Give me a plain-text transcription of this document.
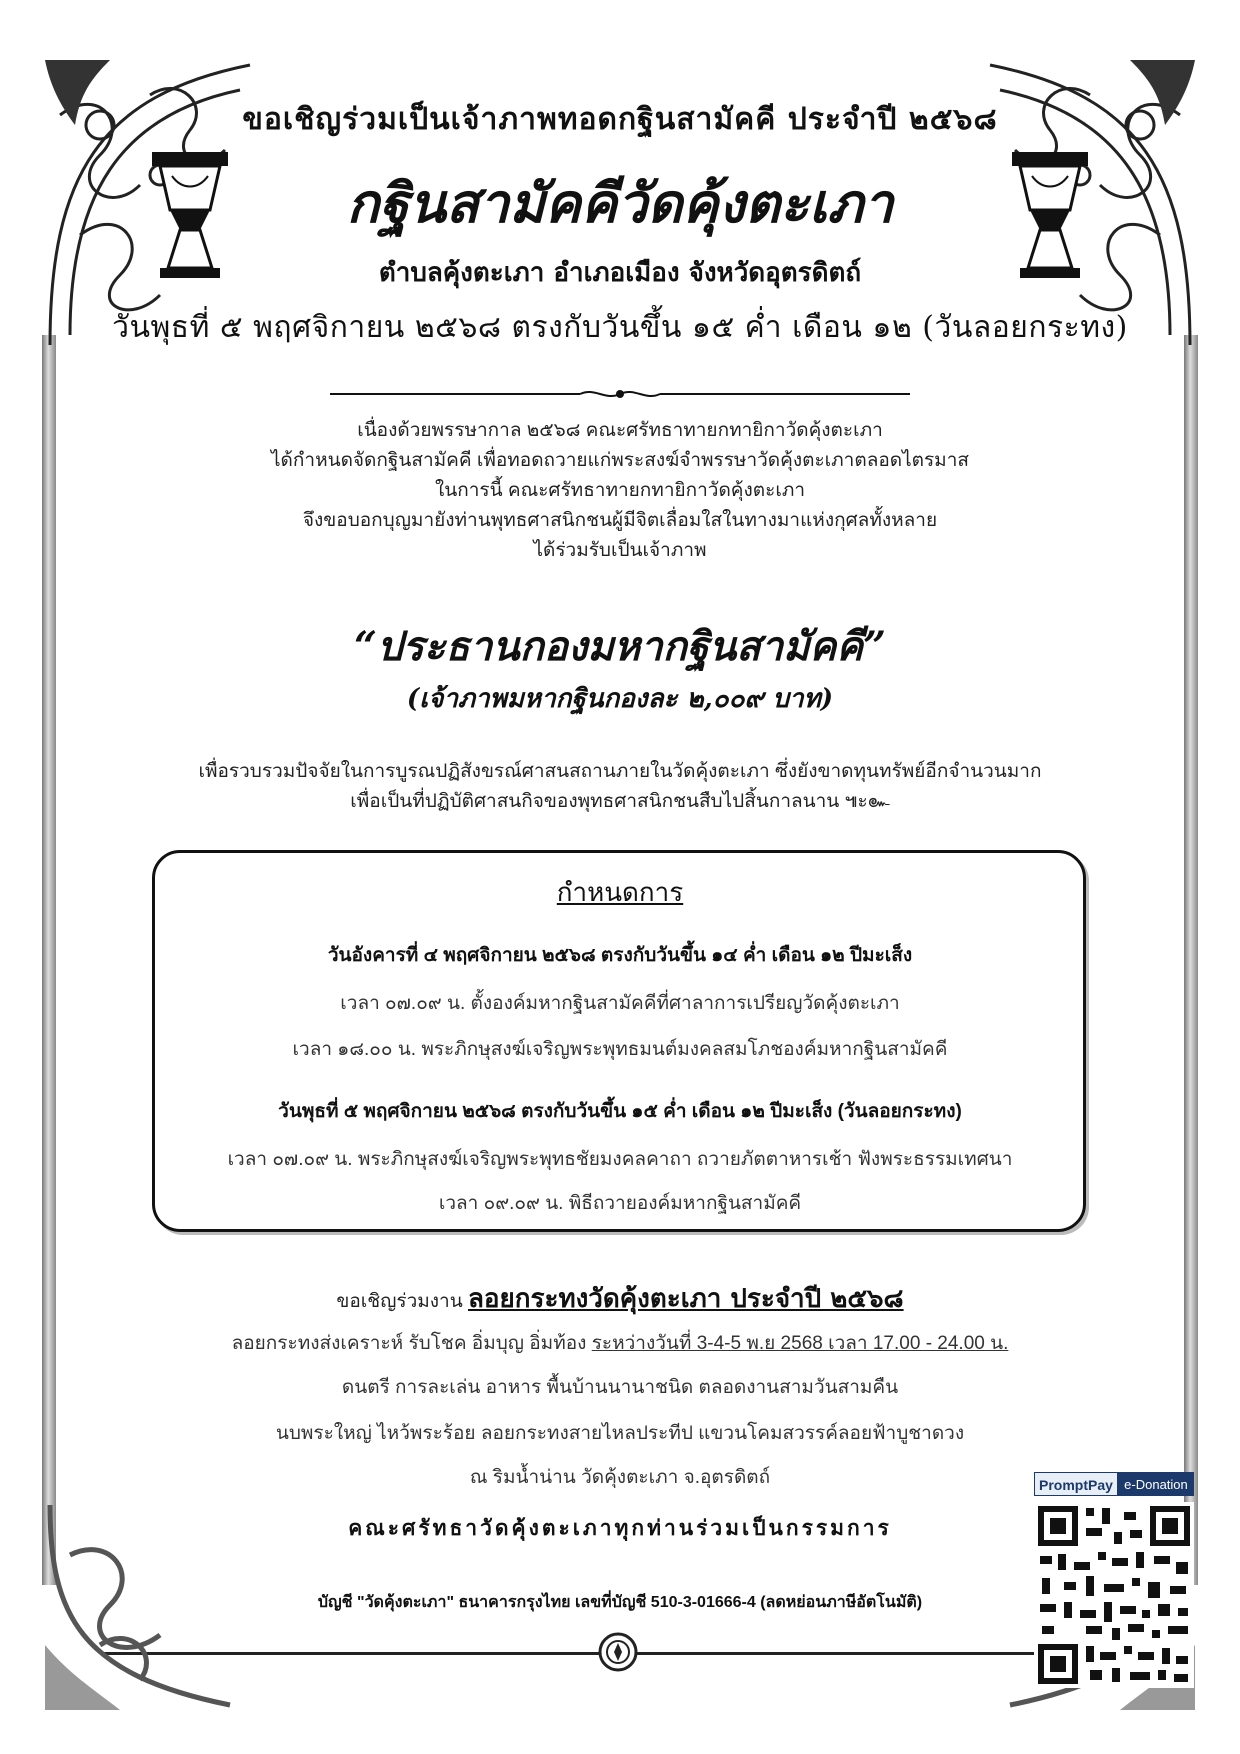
ขอเชิญร่วมเป็นเจ้าภาพทอดกฐินสามัคคี ประจำปี ๒๕๖๘
กฐินสามัคคีวัดคุ้งตะเภา
ตำบลคุ้งตะเภา อำเภอเมือง จังหวัดอุตรดิตถ์
วันพุธที่ ๕ พฤศจิกายน ๒๕๖๘ ตรงกับวันขึ้น ๑๕ ค่ำ เดือน ๑๒ (วันลอยกระทง)
เนื่องด้วยพรรษากาล ๒๕๖๘ คณะศรัทธาทายกทายิกาวัดคุ้งตะเภา
ได้กำหนดจัดกฐินสามัคคี เพื่อทอดถวายแก่พระสงฆ์จำพรรษาวัดคุ้งตะเภาตลอดไตรมาส
ในการนี้ คณะศรัทธาทายกทายิกาวัดคุ้งตะเภา
จึงขอบอกบุญมายังท่านพุทธศาสนิกชนผู้มีจิตเลื่อมใสในทางมาแห่งกุศลทั้งหลาย
ได้ร่วมรับเป็นเจ้าภาพ
“ประธานกองมหากฐินสามัคคี”
(เจ้าภาพมหากฐินกองละ ๒,๐๐๙ บาท)
เพื่อรวบรวมปัจจัยในการบูรณปฏิสังขรณ์ศาสนสถานภายในวัดคุ้งตะเภา ซึ่งยังขาดทุนทรัพย์อีกจำนวนมาก
เพื่อเป็นที่ปฏิบัติศาสนกิจของพุทธศาสนิกชนสืบไปสิ้นกาลนาน ๚ะ๛
กำหนดการ
วันอังคารที่ ๔ พฤศจิกายน ๒๕๖๘ ตรงกับวันขึ้น ๑๔ ค่ำ เดือน ๑๒ ปีมะเส็ง
เวลา ๐๗.๐๙ น. ตั้งองค์มหากฐินสามัคคีที่ศาลาการเปรียญวัดคุ้งตะเภา
เวลา ๑๘.๐๐ น. พระภิกษุสงฆ์เจริญพระพุทธมนต์มงคลสมโภชองค์มหากฐินสามัคคี
วันพุธที่ ๕ พฤศจิกายน ๒๕๖๘ ตรงกับวันขึ้น ๑๕ ค่ำ เดือน ๑๒ ปีมะเส็ง (วันลอยกระทง)
เวลา ๐๗.๐๙ น. พระภิกษุสงฆ์เจริญพระพุทธชัยมงคลคาถา ถวายภัตตาหารเช้า ฟังพระธรรมเทศนา
เวลา ๐๙.๐๙ น. พิธีถวายองค์มหากฐินสามัคคี
ขอเชิญร่วมงาน ลอยกระทงวัดคุ้งตะเภา ประจำปี ๒๕๖๘
ลอยกระทงส่งเคราะห์ รับโชค อิ่มบุญ อิ่มท้อง ระหว่างวันที่ 3-4-5 พ.ย 2568 เวลา 17.00 - 24.00 น.
ดนตรี การละเล่น อาหาร พื้นบ้านนานาชนิด ตลอดงานสามวันสามคืน
นบพระใหญ่ ไหว้พระร้อย ลอยกระทงสายไหลประทีป แขวนโคมสวรรค์ลอยฟ้าบูชาดวง
ณ ริมน้ำน่าน วัดคุ้งตะเภา จ.อุตรดิตถ์
คณะศรัทธาวัดคุ้งตะเภาทุกท่านร่วมเป็นกรรมการ
บัญชี "วัดคุ้งตะเภา" ธนาคารกรุงไทย เลขที่บัญชี 510-3-01666-4 (ลดหย่อนภาษีอัตโนมัติ)
PromptPay e-Donation
